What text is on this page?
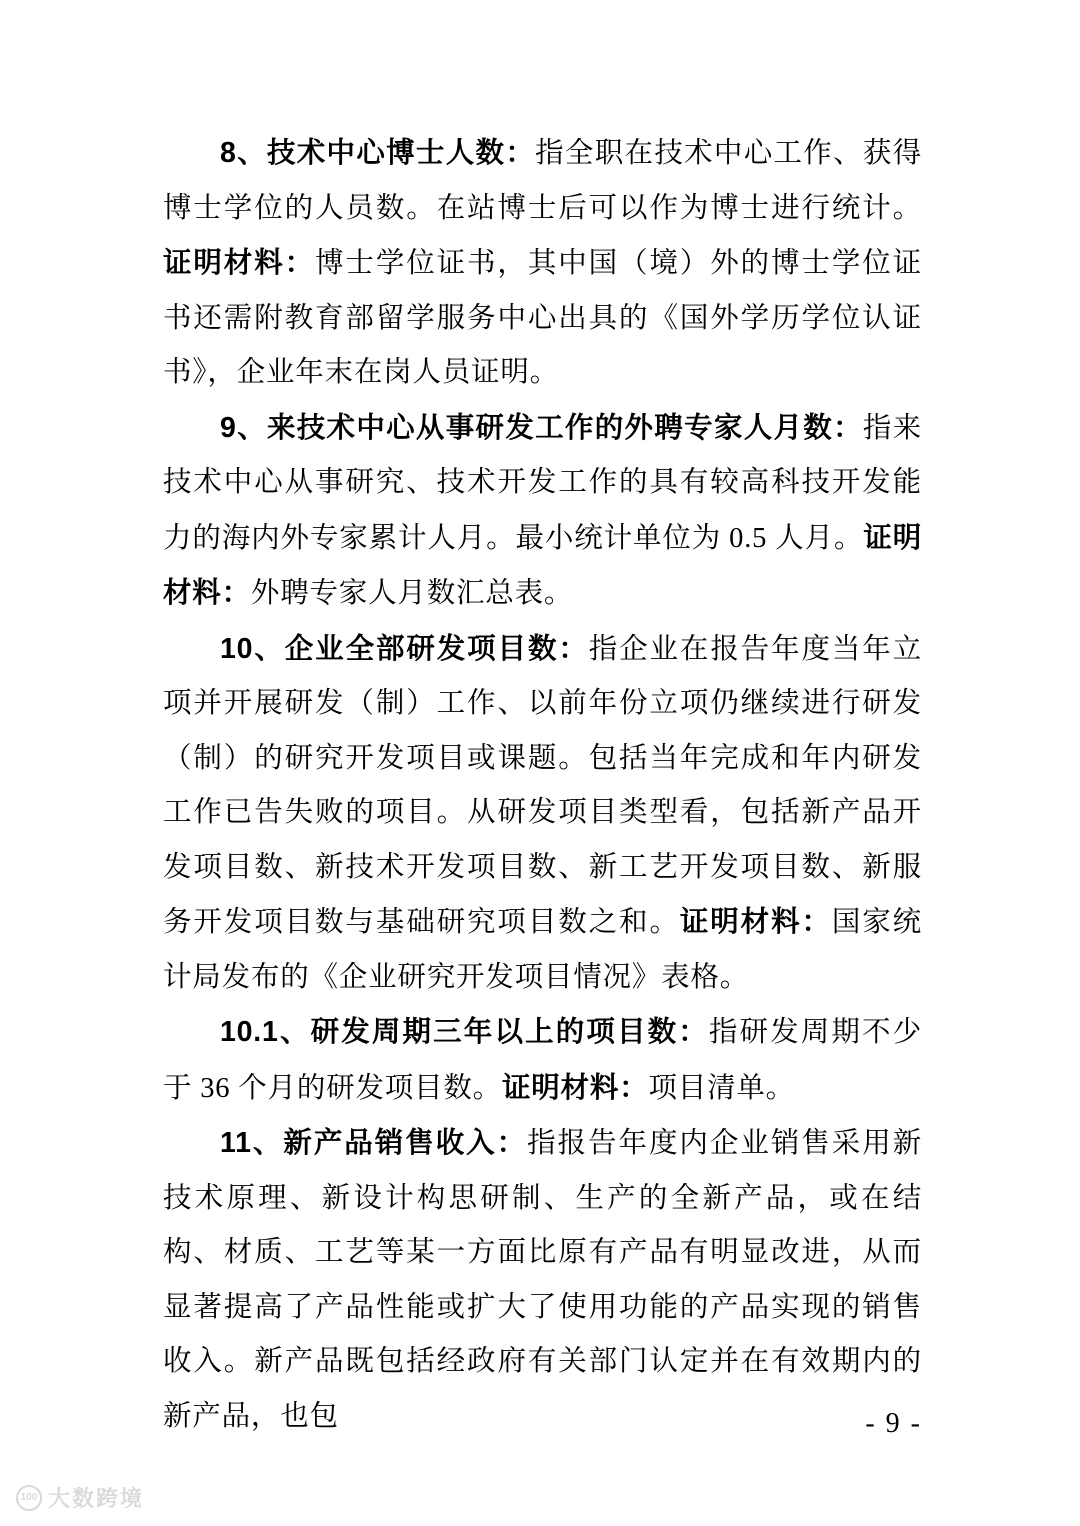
8、技术中心博士人数：指全职在技术中心工作、获得博士学位的人员数。在站博士后可以作为博士进行统计。证明材料：博士学位证书，其中国（境）外的博士学位证书还需附教育部留学服务中心出具的《国外学历学位认证书》，企业年末在岗人员证明。

9、来技术中心从事研发工作的外聘专家人月数：指来技术中心从事研究、技术开发工作的具有较高科技开发能力的海内外专家累计人月。最小统计单位为 0.5 人月。证明材料：外聘专家人月数汇总表。

10、企业全部研发项目数：指企业在报告年度当年立项并开展研发（制）工作、以前年份立项仍继续进行研发（制）的研究开发项目或课题。包括当年完成和年内研发工作已告失败的项目。从研发项目类型看，包括新产品开发项目数、新技术开发项目数、新工艺开发项目数、新服务开发项目数与基础研究项目数之和。证明材料：国家统计局发布的《企业研究开发项目情况》表格。

10.1、研发周期三年以上的项目数：指研发周期不少于 36 个月的研发项目数。证明材料：项目清单。

11、新产品销售收入：指报告年度内企业销售采用新技术原理、新设计构思研制、生产的全新产品，或在结构、材质、工艺等某一方面比原有产品有明显改进，从而显著提高了产品性能或扩大了使用功能的产品实现的销售收入。新产品既包括经政府有关部门认定并在有效期内的新产品，也包	- 9 -
100 大数跨境
